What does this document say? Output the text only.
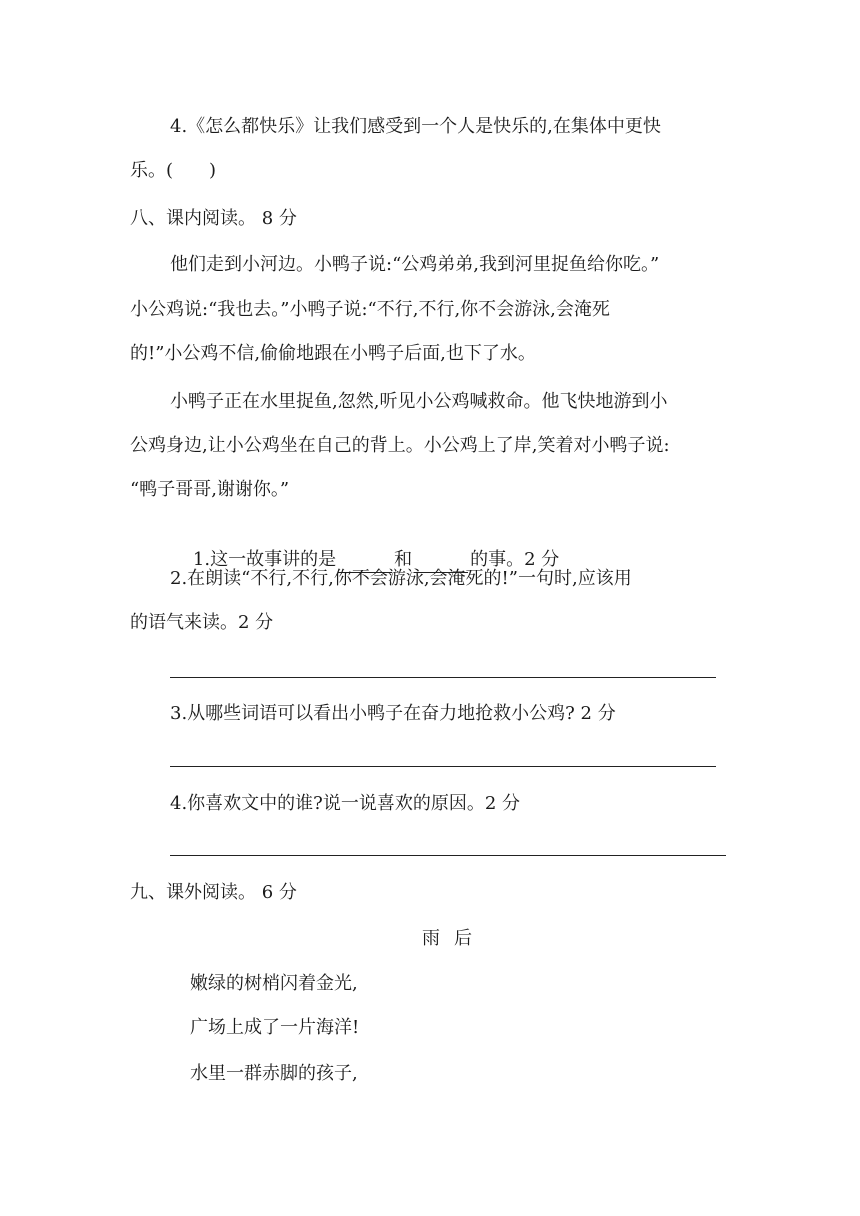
4.《怎么都快乐》让我们感受到一个人是快乐的,在集体中更快
乐。(　　)
八、课内阅读。 8 分
他们走到小河边。小鸭子说:“公鸡弟弟,我到河里捉鱼给你吃。”
小公鸡说:“我也去。”小鸭子说:“不行,不行,你不会游泳,会淹死
的!”小公鸡不信,偷偷地跟在小鸭子后面,也下了水。
小鸭子正在水里捉鱼,忽然,听见小公鸡喊救命。他飞快地游到小
公鸡身边,让小公鸡坐在自己的背上。小公鸡上了岸,笑着对小鸭子说:
“鸭子哥哥,谢谢你。”

1.这一故事讲的是	和	的事。2 分

2.在朗读“不行,不行,你不会游泳,会淹死的!”一句时,应该用
的语气来读。2 分
3.从哪些词语可以看出小鸭子在奋力地抢救小公鸡? 2 分
4.你喜欢文中的谁?说一说喜欢的原因。2 分
九、课外阅读。 6 分
雨后
嫩绿的树梢闪着金光,
广场上成了一片海洋!
水里一群赤脚的孩子,
